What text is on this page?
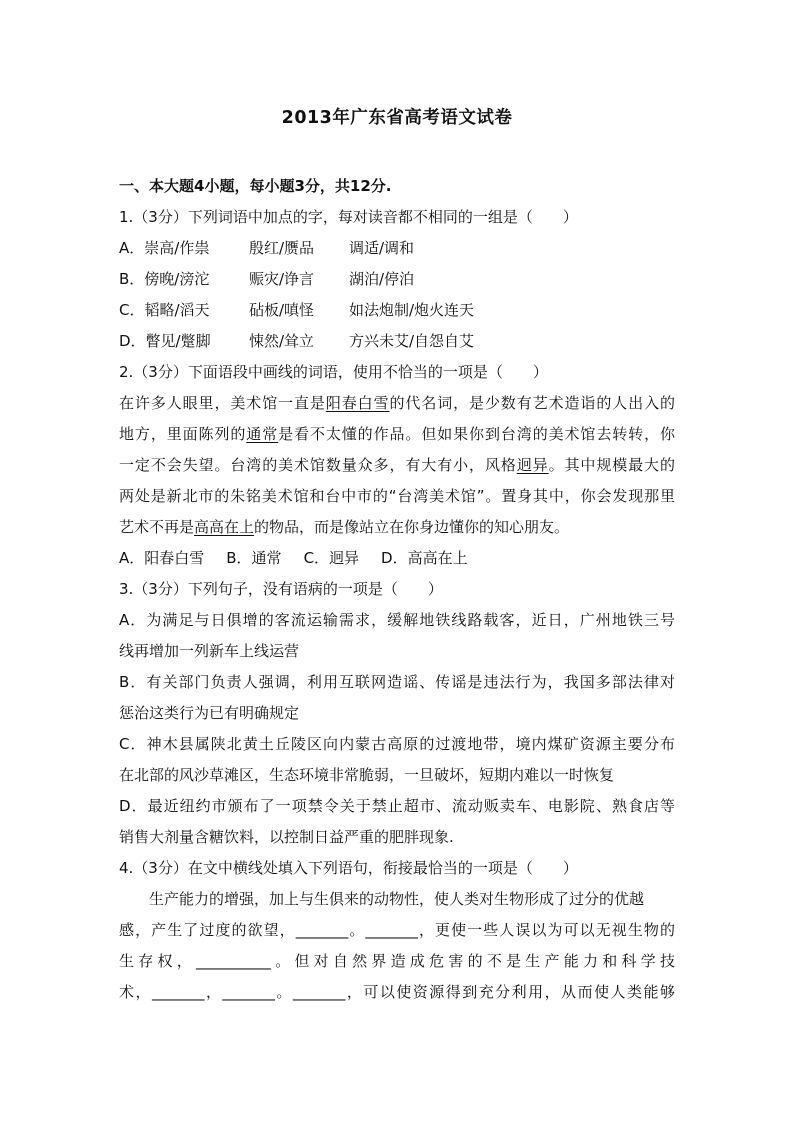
2013年广东省高考语文试卷
一、本大题4小题，每小题3分，共12分.
1.（3分）下列词语中加点的字，每对读音都不相同的一组是（　　）
A．崇高/作祟	殷红/赝品 调适/调和
B．傍晚/滂沱	赈灾/诤言 湖泊/停泊
C．韬略/滔天	砧板/嗔怪 如法炮制/炮火连天
D．瞥见/蹩脚	悚然/耸立 方兴未艾/自怨自艾
2.（3分）下面语段中画线的词语，使用不恰当的一项是（　　）
在许多人眼里，美术馆一直是阳春白雪的代名词，是少数有艺术造诣的人出入的
地方，里面陈列的通常是看不太懂的作品。但如果你到台湾的美术馆去转转，你
一定不会失望。台湾的美术馆数量众多，有大有小，风格迥异。其中规模最大的
两处是新北市的朱铭美术馆和台中市的“台湾美术馆”。置身其中，你会发现那里
艺术不再是高高在上的物品，而是像站立在你身边懂你的知心朋友。
A．阳春白雪 B．通常 C．迥异 D．高高在上
3.（3分）下列句子，没有语病的一项是（　　）
A．为满足与日俱增的客流运输需求，缓解地铁线路载客，近日，广州地铁三号
线再增加一列新车上线运营
B．有关部门负责人强调，利用互联网造谣、传谣是违法行为，我国多部法律对
惩治这类行为已有明确规定
C．神木县属陕北黄土丘陵区向内蒙古高原的过渡地带，境内煤矿资源主要分布
在北部的风沙草滩区，生态环境非常脆弱，一旦破坏，短期内难以一时恢复
D．最近纽约市颁布了一项禁令关于禁止超市、流动贩卖车、电影院、熟食店等
销售大剂量含糖饮料，以控制日益严重的肥胖现象.
4.（3分）在文中横线处填入下列语句，衔接最恰当的一项是（　　）
生产能力的增强，加上与生俱来的动物性，使人类对生物形成了过分的优越
感，产生了过度的欲望，_______。_______，更使一些人误以为可以无视生物的
生存权，__________。但对自然界造成危害的不是生产能力和科学技
术，_______，_______。_______，可以使资源得到充分利用，从而使人类能够
